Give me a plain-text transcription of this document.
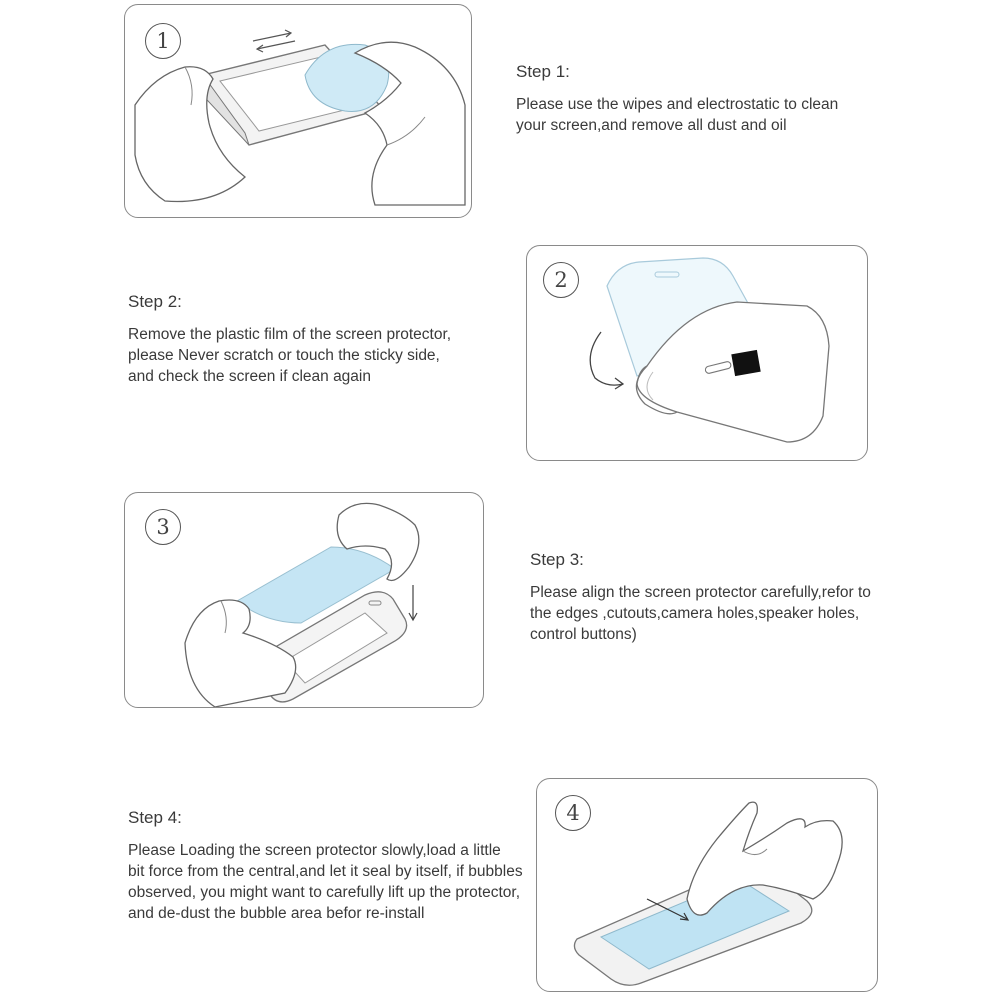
1

Step 1:

Please use the wipes and electrostatic to clean
your screen,and remove all dust and oil

Step 2:

Remove the plastic film of the screen protector,
please Never scratch or touch the sticky side,
and check the screen if clean again
2
3

Step 3:

Please align the screen protector carefully,refor to
the edges ,cutouts,camera holes,speaker holes,
control buttons)

Step 4:

Please Loading the screen protector slowly,load a little
bit force from the central,and let it seal by itself, if bubbles
observed, you might want to carefully lift up the protector,
and de-dust the bubble area befor re-install
4
